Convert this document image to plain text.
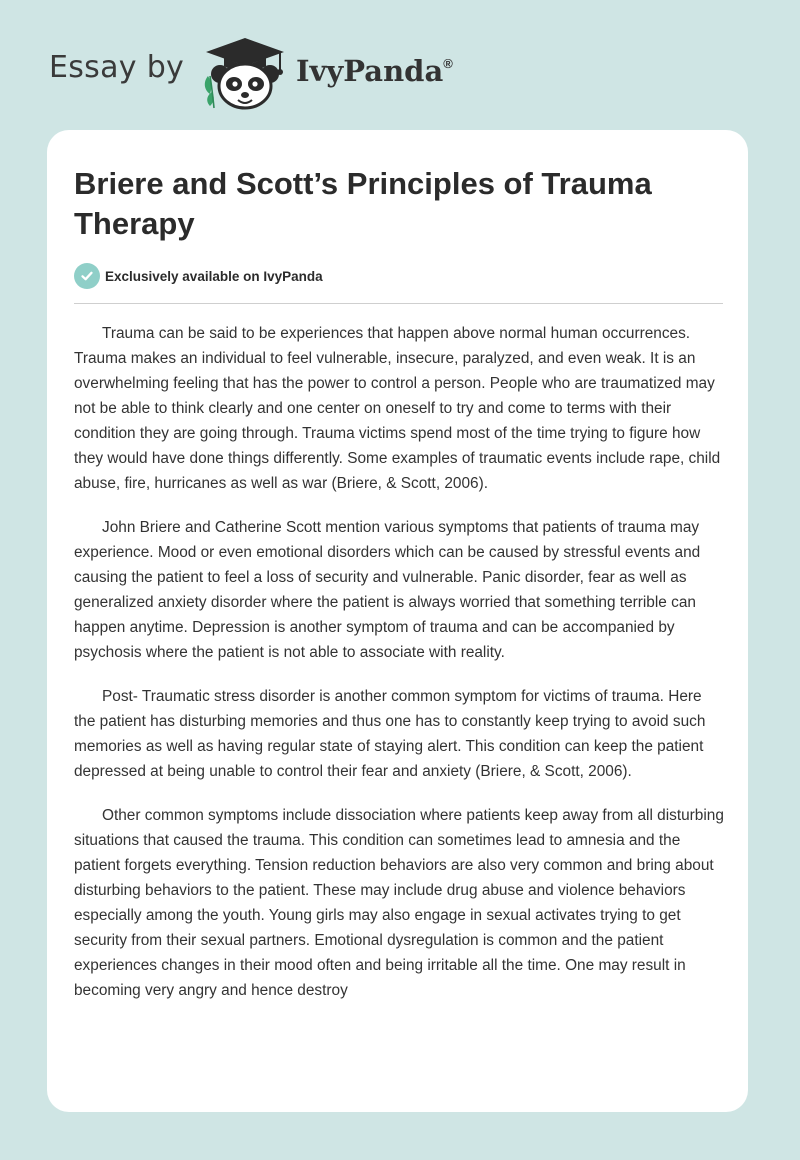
Essay by	IvyPanda®
Briere and Scott’s Principles of Trauma Therapy
Exclusively available on IvyPanda

Trauma can be said to be experiences that happen above normal human occurrences. Trauma makes an individual to feel vulnerable, insecure, paralyzed, and even weak. It is an overwhelming feeling that has the power to control a person. People who are traumatized may not be able to think clearly and one center on oneself to try and come to terms with their condition they are going through. Trauma victims spend most of the time trying to figure how they would have done things differently. Some examples of traumatic events include rape, child abuse, fire, hurricanes as well as war (Briere, & Scott, 2006).

John Briere and Catherine Scott mention various symptoms that patients of trauma may experience. Mood or even emotional disorders which can be caused by stressful events and causing the patient to feel a loss of security and vulnerable. Panic disorder, fear as well as generalized anxiety disorder where the patient is always worried that something terrible can happen anytime. Depression is another symptom of trauma and can be accompanied by psychosis where the patient is not able to associate with reality.

Post- Traumatic stress disorder is another common symptom for victims of trauma. Here the patient has disturbing memories and thus one has to constantly keep trying to avoid such memories as well as having regular state of staying alert. This condition can keep the patient depressed at being unable to control their fear and anxiety (Briere, & Scott, 2006).

Other common symptoms include dissociation where patients keep away from all disturbing situations that caused the trauma. This condition can sometimes lead to amnesia and the patient forgets everything. Tension reduction behaviors are also very common and bring about disturbing behaviors to the patient. These may include drug abuse and violence behaviors especially among the youth. Young girls may also engage in sexual activates trying to get security from their sexual partners. Emotional dysregulation is common and the patient experiences changes in their mood often and being irritable all the time. One may result in becoming very angry and hence destroy
